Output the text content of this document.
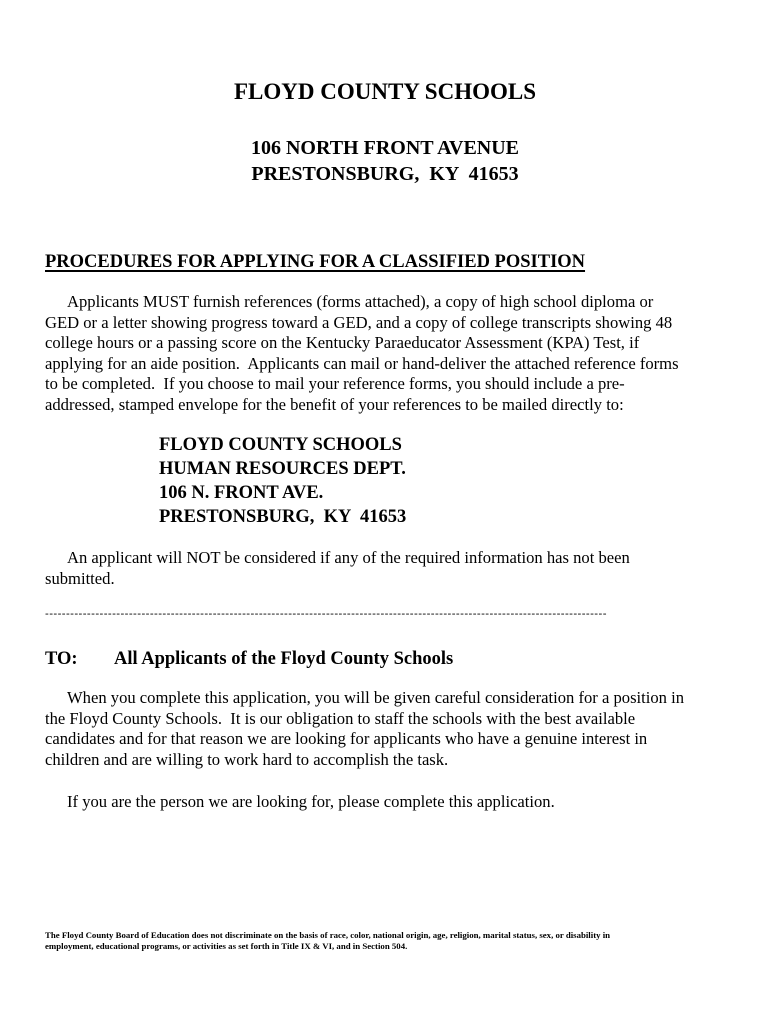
FLOYD COUNTY SCHOOLS
106 NORTH FRONT AVENUE
PRESTONSBURG,  KY  41653
PROCEDURES FOR APPLYING FOR A CLASSIFIED POSITION
Applicants MUST furnish references (forms attached), a copy of high school diploma or
GED or a letter showing progress toward a GED, and a copy of college transcripts showing 48
college hours or a passing score on the Kentucky Paraeducator Assessment (KPA) Test, if
applying for an aide position.  Applicants can mail or hand-deliver the attached reference forms
to be completed.  If you choose to mail your reference forms, you should include a pre-
addressed, stamped envelope for the benefit of your references to be mailed directly to:
FLOYD COUNTY SCHOOLS
HUMAN RESOURCES DEPT.
106 N. FRONT AVE.
PRESTONSBURG,  KY  41653
An applicant will NOT be considered if any of the required information has not been
submitted.
--------------------------------------------------------------------------------------------------------------------------------------
TO: All Applicants of the Floyd County Schools
When you complete this application, you will be given careful consideration for a position in
the Floyd County Schools.  It is our obligation to staff the schools with the best available
candidates and for that reason we are looking for applicants who have a genuine interest in
children and are willing to work hard to accomplish the task.
If you are the person we are looking for, please complete this application.
The Floyd County Board of Education does not discriminate on the basis of race, color, national origin, age, religion, marital status, sex, or disability in
employment, educational programs, or activities as set forth in Title IX & VI, and in Section 504.
